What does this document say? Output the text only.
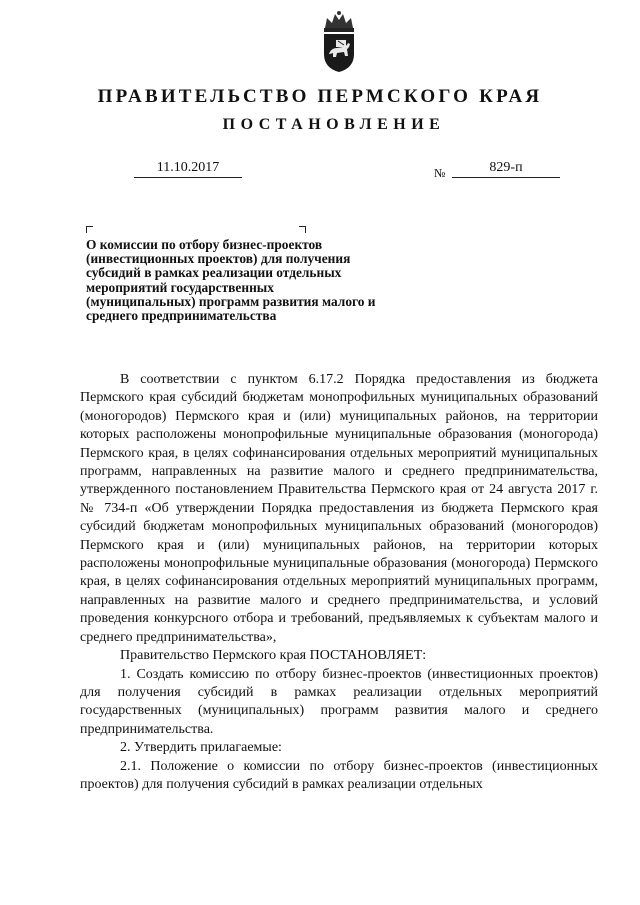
ПРАВИТЕЛЬСТВО ПЕРМСКОГО КРАЯ
ПОСТАНОВЛЕНИЕ
11.10.2017	№	829-п

О комиссии по отбору бизнес-проектов (инвестиционных проектов) для получения субсидий в рамках реализации отдельных мероприятий государственных (муниципальных) программ развития малого и среднего предпринимательства

В соответствии с пунктом 6.17.2 Порядка предоставления из бюджета Пермского края субсидий бюджетам монопрофильных муниципальных образований (моногородов) Пермского края и (или) муниципальных районов, на территории которых расположены монопрофильные муниципальные образования (моногорода) Пермского края, в целях софинансирования отдельных мероприятий муниципальных программ, направленных на развитие малого и среднего предпринимательства, утвержденного постановлением Правительства Пермского края от 24 августа 2017 г. № 734-п «Об утверждении Порядка предоставления из бюджета Пермского края субсидий бюджетам монопрофильных муниципальных образований (моногородов) Пермского края и (или) муниципальных районов, на территории которых расположены монопрофильные муниципальные образования (моногорода) Пермского края, в целях софинансирования отдельных мероприятий муниципальных программ, направленных на развитие малого и среднего предпринимательства, и условий проведения конкурсного отбора и требований, предъявляемых к субъектам малого и среднего предпринимательства»,

Правительство Пермского края ПОСТАНОВЛЯЕТ:

1. Создать комиссию по отбору бизнес-проектов (инвестиционных проектов) для получения субсидий в рамках реализации отдельных мероприятий государственных (муниципальных) программ развития малого и среднего предпринимательства.

2. Утвердить прилагаемые:

2.1. Положение о комиссии по отбору бизнес-проектов (инвестиционных проектов) для получения субсидий в рамках реализации отдельных
